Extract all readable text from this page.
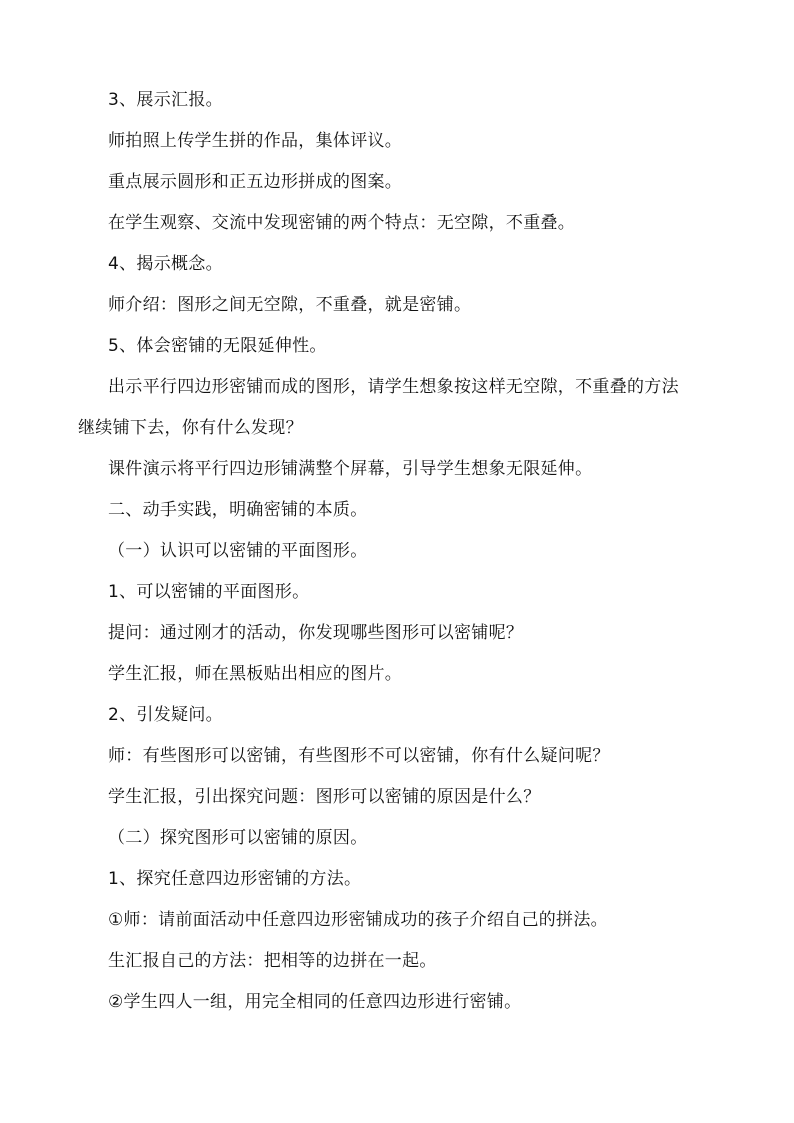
3、展示汇报。
师拍照上传学生拼的作品，集体评议。
重点展示圆形和正五边形拼成的图案。
在学生观察、交流中发现密铺的两个特点：无空隙，不重叠。
4、揭示概念。
师介绍：图形之间无空隙，不重叠，就是密铺。
5、体会密铺的无限延伸性。
出示平行四边形密铺而成的图形，请学生想象按这样无空隙，不重叠的方法
继续铺下去，你有什么发现？
课件演示将平行四边形铺满整个屏幕，引导学生想象无限延伸。
二、动手实践，明确密铺的本质。
（一）认识可以密铺的平面图形。
1、可以密铺的平面图形。
提问：通过刚才的活动，你发现哪些图形可以密铺呢？
学生汇报，师在黑板贴出相应的图片。
2、引发疑问。
师：有些图形可以密铺，有些图形不可以密铺，你有什么疑问呢？
学生汇报，引出探究问题：图形可以密铺的原因是什么？
（二）探究图形可以密铺的原因。
1、探究任意四边形密铺的方法。
①师：请前面活动中任意四边形密铺成功的孩子介绍自己的拼法。
生汇报自己的方法：把相等的边拼在一起。
②学生四人一组，用完全相同的任意四边形进行密铺。
